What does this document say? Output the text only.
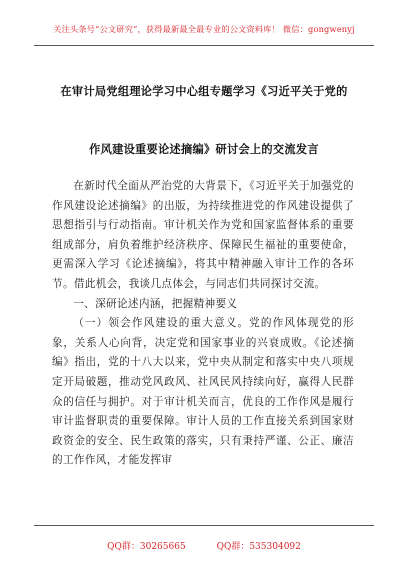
关注头条号“公文研究”，获得最新最全最专业的公文资料库！ 微信：gongwenyj
在审计局党组理论学习中心组专题学习《习近平关于党的
作风建设重要论述摘编》研讨会上的交流发言

在新时代全面从严治党的大背景下，《习近平关于加强党的作风建设论述摘编》的出版，为持续推进党的作风建设提供了思想指引与行动指南。审计机关作为党和国家监督体系的重要组成部分，肩负着维护经济秩序、保障民生福祉的重要使命，更需深入学习《论述摘编》，将其中精神融入审计工作的各环节。借此机会，我谈几点体会，与同志们共同探讨交流。

一、深研论述内涵，把握精神要义

（一）领会作风建设的重大意义。党的作风体现党的形象，关系人心向背，决定党和国家事业的兴衰成败。《论述摘编》指出，党的十八大以来，党中央从制定和落实中央八项规定开局破题，推动党风政风、社风民风持续向好，赢得人民群众的信任与拥护。对于审计机关而言，优良的工作作风是履行审计监督职责的重要保障。审计人员的工作直接关系到国家财政资金的安全、民生政策的落实，只有秉持严谨、公正、廉洁的工作作风，才能发挥审

QQ群：30265665	QQ群：535304092
